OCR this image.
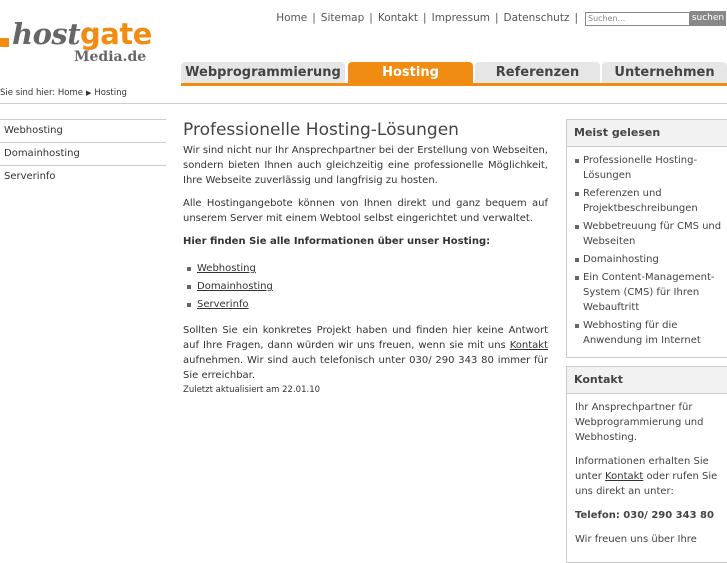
host gate
Media.de
Home | Sitemap | Kontakt | Impressum | Datenschutz |	Suchen...	suchen
Webprogrammierung	Hosting	Referenzen	Unternehmen
Sie sind hier: Home ▶ Hosting
Webhosting
Domainhosting
Serverinfo
Professionelle Hosting-Lösungen

Wir sind nicht nur Ihr Ansprechpartner bei der Erstellung von Webseiten, sondern bieten Ihnen auch gleichzeitig eine professionelle Möglichkeit, Ihre Webseite zuverlässig und langfrisig zu hosten.

Alle Hostingangebote können von Ihnen direkt und ganz bequem auf unserem Server mit einem Webtool selbst eingerichtet und verwaltet.

Hier finden Sie alle Informationen über unser Hosting:

Webhosting
Domainhosting
Serverinfo

Sollten Sie ein konkretes Projekt haben und finden hier keine Antwort auf Ihre Fragen, dann würden wir uns freuen, wenn sie mit uns Kontakt aufnehmen. Wir sind auch telefonisch unter 030/ 290 343 80 immer für Sie erreichbar.

Zuletzt aktualisiert am 22.01.10
Meist gelesen
Professionelle Hosting-Lösungen
Referenzen und Projektbeschreibungen
Webbetreuung für CMS und Webseiten
Domainhosting
Ein Content-Management-System (CMS) für Ihren Webauftritt
Webhosting für die Anwendung im Internet
Kontakt

Ihr Ansprechpartner für Webprogrammierung und Webhosting.

Informationen erhalten Sie unter Kontakt oder rufen Sie uns direkt an unter:

Telefon: 030/ 290 343 80

Wir freuen uns über Ihre
